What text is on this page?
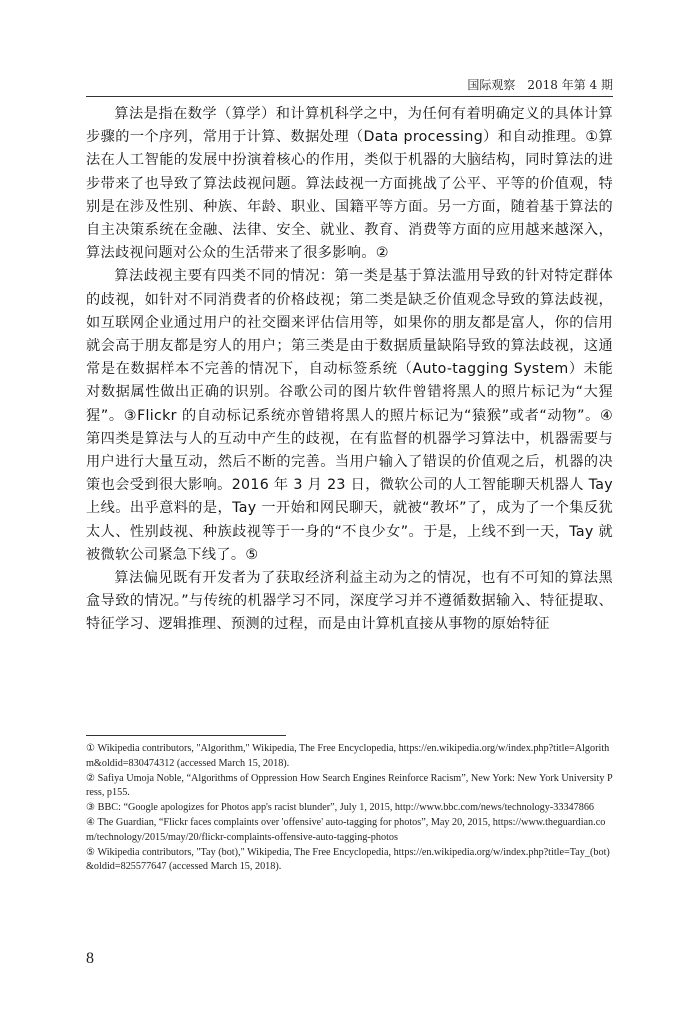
国际观察　2018 年第 4 期

算法是指在数学（算学）和计算机科学之中，为任何有着明确定义的具体计算步骤的一个序列，常用于计算、数据处理（Data processing）和自动推理。①算法在人工智能的发展中扮演着核心的作用，类似于机器的大脑结构，同时算法的进步带来了也导致了算法歧视问题。算法歧视一方面挑战了公平、平等的价值观，特别是在涉及性别、种族、年龄、职业、国籍平等方面。另一方面，随着基于算法的自主决策系统在金融、法律、安全、就业、教育、消费等方面的应用越来越深入，算法歧视问题对公众的生活带来了很多影响。②

算法歧视主要有四类不同的情况：第一类是基于算法滥用导致的针对特定群体的歧视，如针对不同消费者的价格歧视；第二类是缺乏价值观念导致的算法歧视，如互联网企业通过用户的社交圈来评估信用等，如果你的朋友都是富人，你的信用就会高于朋友都是穷人的用户；第三类是由于数据质量缺陷导致的算法歧视，这通常是在数据样本不完善的情况下，自动标签系统（Auto-tagging System）未能对数据属性做出正确的识别。谷歌公司的图片软件曾错将黑人的照片标记为“大猩猩”。③Flickr 的自动标记系统亦曾错将黑人的照片标记为“猿猴”或者“动物”。④第四类是算法与人的互动中产生的歧视，在有监督的机器学习算法中，机器需要与用户进行大量互动，然后不断的完善。当用户输入了错误的价值观之后，机器的决策也会受到很大影响。2016 年 3 月 23 日，微软公司的人工智能聊天机器人 Tay 上线。出乎意料的是，Tay 一开始和网民聊天，就被“教坏”了，成为了一个集反犹太人、性别歧视、种族歧视等于一身的“不良少女”。于是，上线不到一天，Tay 就被微软公司紧急下线了。⑤

算法偏见既有开发者为了获取经济利益主动为之的情况，也有不可知的算法黑盒导致的情况。”与传统的机器学习不同，深度学习并不遵循数据输入、特征提取、特征学习、逻辑推理、预测的过程，而是由计算机直接从事物的原始特征

① Wikipedia contributors, "Algorithm," Wikipedia, The Free Encyclopedia, https://en.wikipedia.org/w/index.php?title=Algorithm&oldid=830474312 (accessed March 15, 2018).

② Safiya Umoja Noble, “Algorithms of Oppression How Search Engines Reinforce Racism”, New York: New York University Press, p155.

③ BBC: “Google apologizes for Photos app's racist blunder”, July 1, 2015, http://www.bbc.com/news/technology-33347866

④ The Guardian, “Flickr faces complaints over 'offensive' auto-tagging for photos”, May 20, 2015, https://www.theguardian.com/technology/2015/may/20/flickr-complaints-offensive-auto-tagging-photos

⑤ Wikipedia contributors, "Tay (bot)," Wikipedia, The Free Encyclopedia, https://en.wikipedia.org/w/index.php?title=Tay_(bot)&oldid=825577647 (accessed March 15, 2018).

8
